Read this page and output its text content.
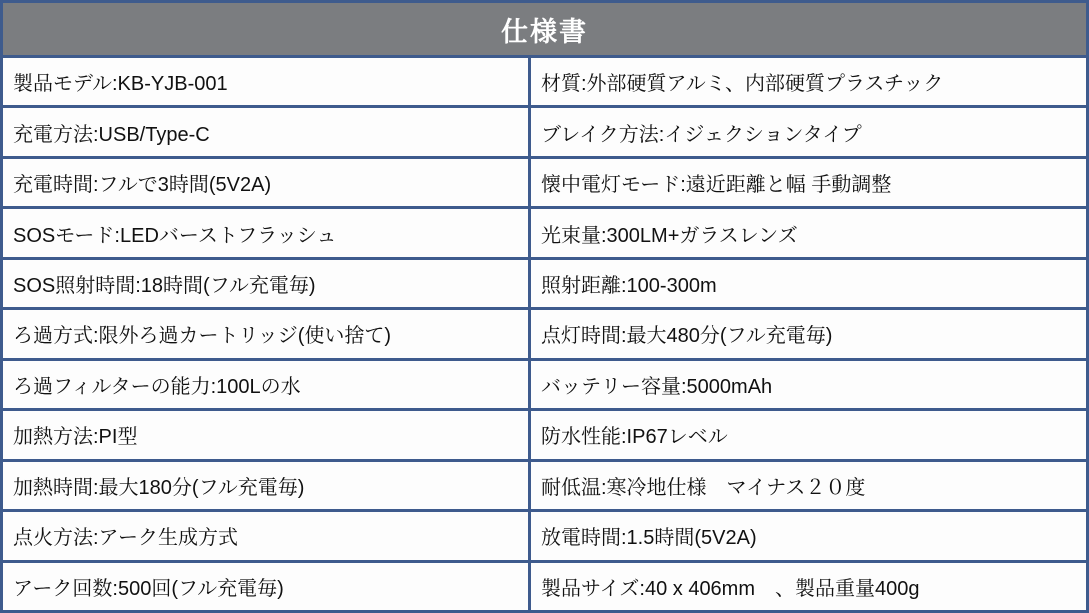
仕様書	
製品モデル:KB-YJB-001	材質:外部硬質アルミ、内部硬質プラスチック
充電方法:USB/Type-C	ブレイク方法:イジェクションタイプ
充電時間:フルで3時間(5V2A)	懐中電灯モード:遠近距離と幅 手動調整
SOSモード:LEDバーストフラッシュ	光束量:300LM+ガラスレンズ
SOS照射時間:18時間(フル充電毎)	照射距離:100-300m
ろ過方式:限外ろ過カートリッジ(使い捨て)	点灯時間:最大480分(フル充電毎)
ろ過フィルターの能力:100Lの水	バッテリー容量:5000mAh
加熱方法:PI型	防水性能:IP67レベル
加熱時間:最大180分(フル充電毎)	耐低温:寒冷地仕様　マイナス２０度
点火方法:アーク生成方式	放電時間:1.5時間(5V2A)
アーク回数:500回(フル充電毎)	製品サイズ:40 x 406mm　、製品重量400g
